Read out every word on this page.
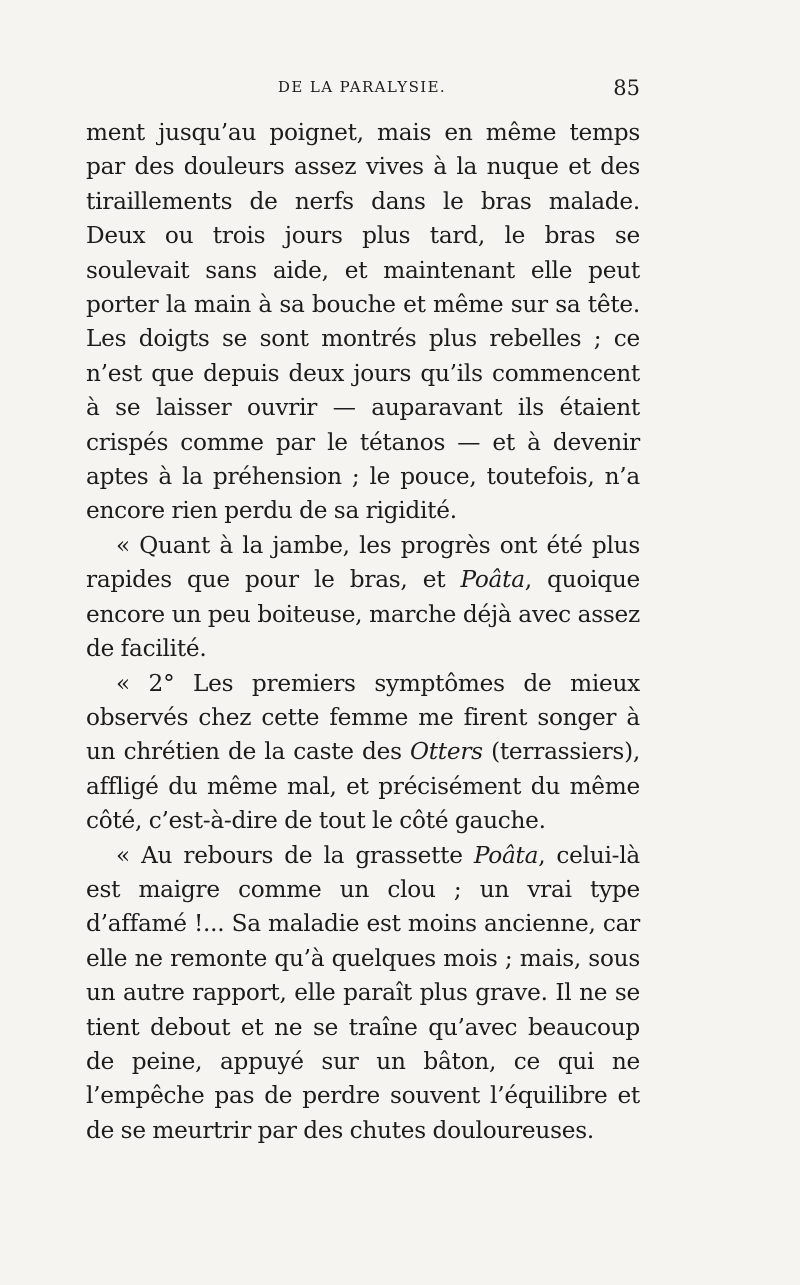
DE LA PARALYSIE.	85

ment jusqu’au poignet, mais en même temps par des douleurs assez vives à la nuque et des tiraillements de nerfs dans le bras malade. Deux ou trois jours plus tard, le bras se soulevait sans aide, et maintenant elle peut porter la main à sa bouche et même sur sa tête. Les doigts se sont montrés plus rebelles ; ce n’est que depuis deux jours qu’ils commencent à se laisser ouvrir — auparavant ils étaient crispés comme par le tétanos — et à devenir aptes à la préhension ; le pouce, toutefois, n’a encore rien perdu de sa rigidité.

« Quant à la jambe, les progrès ont été plus rapides que pour le bras, et Poâta, quoique encore un peu boiteuse, marche déjà avec assez de facilité.

« 2° Les premiers symptômes de mieux observés chez cette femme me firent songer à un chrétien de la caste des Otters (terrassiers), affligé du même mal, et précisément du même côté, c’est-à-dire de tout le côté gauche.

« Au rebours de la grassette Poâta, celui-là est maigre comme un clou ; un vrai type d’affamé !... Sa maladie est moins ancienne, car elle ne remonte qu’à quelques mois ; mais, sous un autre rapport, elle paraît plus grave. Il ne se tient debout et ne se traîne qu’avec beaucoup de peine, appuyé sur un bâton, ce qui ne l’empêche pas de perdre souvent l’équilibre et de se meurtrir par des chutes douloureuses.
